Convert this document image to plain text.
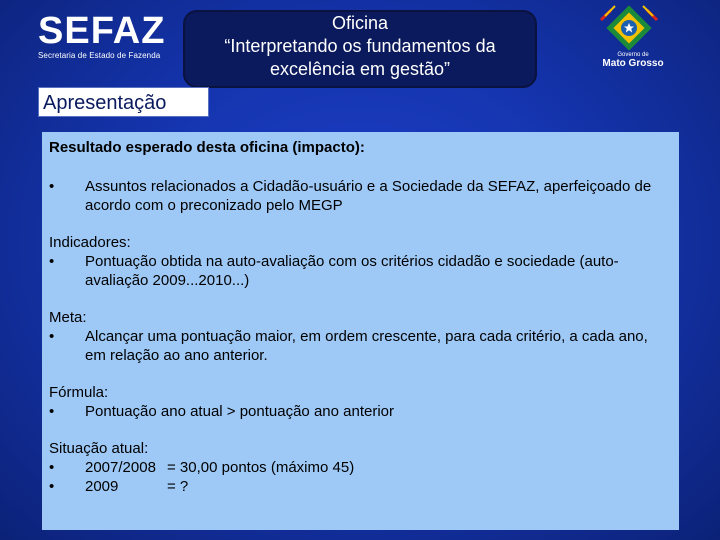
SEFAZ
Secretaria de Estado de Fazenda
Oficina
“Interpretando os fundamentos da
excelência em gestão”
Governo de
Mato Grosso
Apresentação
Resultado esperado desta oficina (impacto):
•	Assuntos relacionados a Cidadão-usuário e a Sociedade da SEFAZ, aperfeiçoado de acordo com o preconizado pelo MEGP
Indicadores:
•	Pontuação obtida na auto-avaliação com os critérios cidadão e sociedade (auto-avaliação 2009...2010...)
Meta:
•	Alcançar uma pontuação maior, em ordem crescente, para cada critério, a cada ano, em relação ao ano anterior.
Fórmula:
•	Pontuação ano atual > pontuação ano anterior
Situação atual:
•	2007/2008 = 30,00 pontos (máximo 45)
•	2009	= ?
